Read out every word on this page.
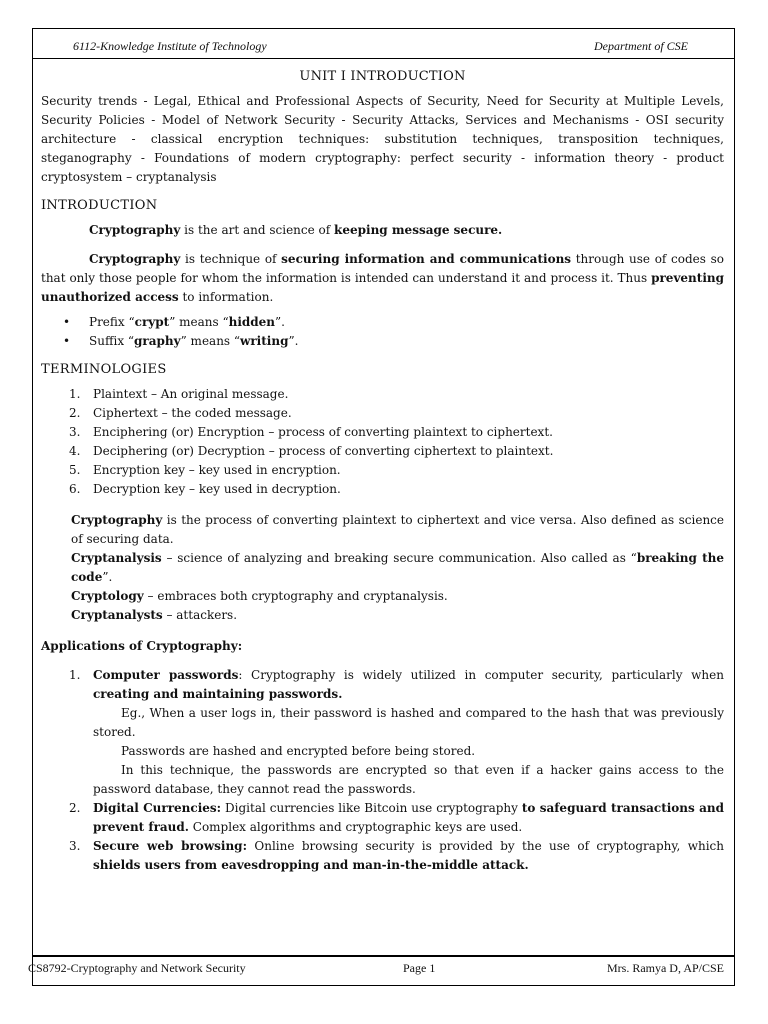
6112-Knowledge Institute of Technology	Department of CSE
UNIT I INTRODUCTION

Security trends - Legal, Ethical and Professional Aspects of Security, Need for Security at Multiple Levels, Security Policies - Model of Network Security - Security Attacks, Services and Mechanisms - OSI security architecture - classical encryption techniques: substitution techniques, transposition techniques, steganography - Foundations of modern cryptography: perfect security - information theory - product cryptosystem – cryptanalysis

INTRODUCTION

Cryptography is the art and science of keeping message secure.

Cryptography is technique of securing information and communications through use of codes so that only those people for whom the information is intended can understand it and process it. Thus preventing unauthorized access to information.

• Prefix “crypt” means “hidden”.
• Suffix “graphy” means “writing”.
TERMINOLOGIES
1. Plaintext – An original message.
2. Ciphertext – the coded message.
3. Enciphering (or) Encryption – process of converting plaintext to ciphertext.
4. Deciphering (or) Decryption – process of converting ciphertext to plaintext.
5. Encryption key – key used in encryption.
6. Decryption key – key used in decryption.

Cryptography is the process of converting plaintext to ciphertext and vice versa. Also defined as science of securing data.

Cryptanalysis – science of analyzing and breaking secure communication. Also called as “breaking the code”.

Cryptology – embraces both cryptography and cryptanalysis.

Cryptanalysts – attackers.

Applications of Cryptography:
1. Computer passwords: Cryptography is widely utilized in computer security, particularly when creating and maintaining passwords.
Eg., When a user logs in, their password is hashed and compared to the hash that was previously stored.
Passwords are hashed and encrypted before being stored.
In this technique, the passwords are encrypted so that even if a hacker gains access to the password database, they cannot read the passwords.
2. Digital Currencies: Digital currencies like Bitcoin use cryptography to safeguard transactions and prevent fraud. Complex algorithms and cryptographic keys are used.
3. Secure web browsing: Online browsing security is provided by the use of cryptography, which shields users from eavesdropping and man-in-the-middle attack.
CS8792-Cryptography and Network Security	Page 1	Mrs. Ramya D, AP/CSE
